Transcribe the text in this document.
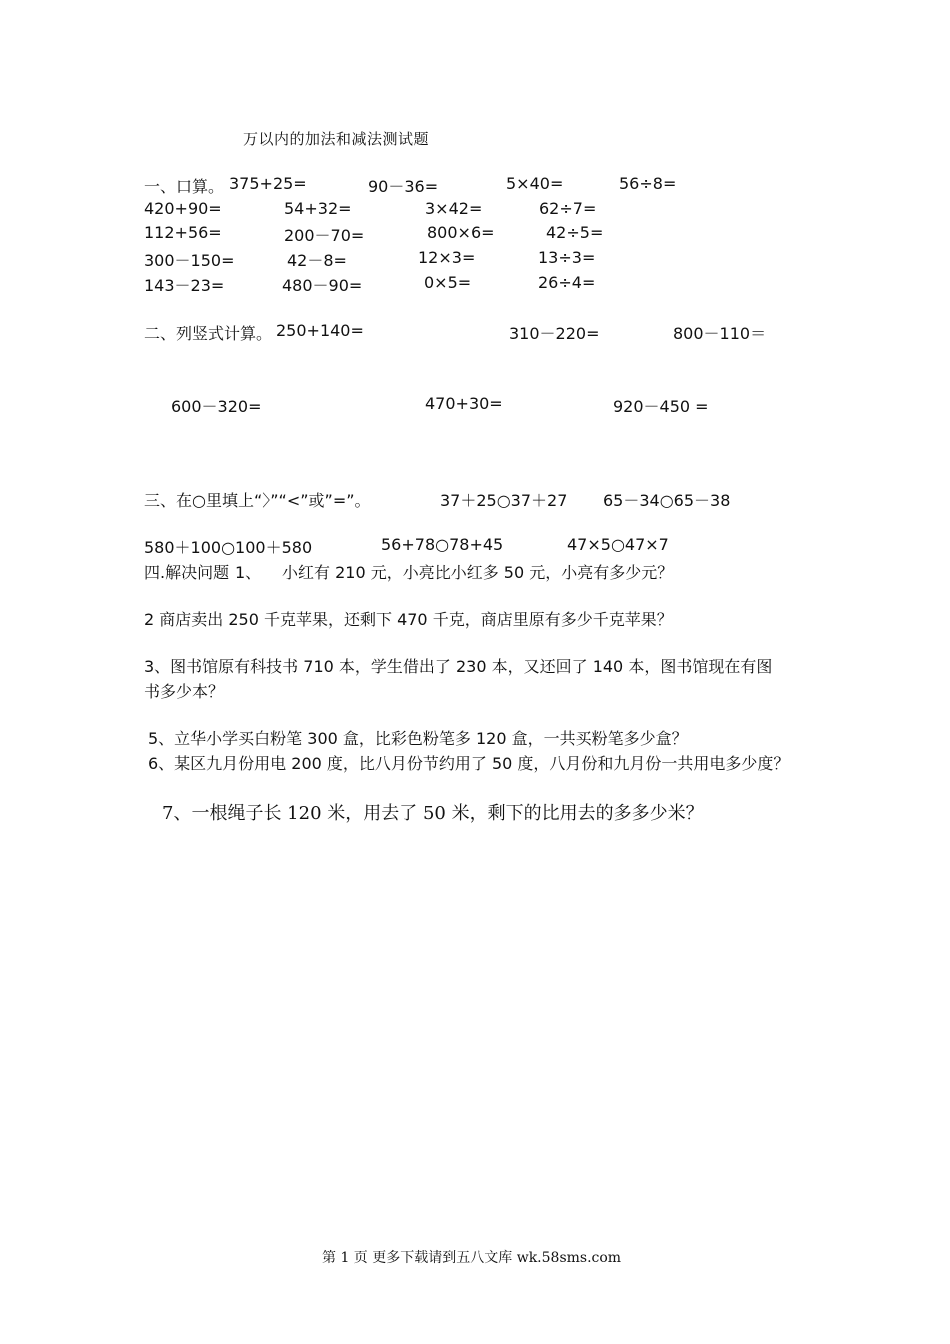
万以内的加法和减法测试题
一、口算。 375+25=	90－36=	5×40=	56÷8=
420+90=	54+32=	3×42=	62÷7=
112+56=	200－70=	800×6=	42÷5=
300－150=	42－8=	12×3=	13÷3=
143－23=	480－90=	0×5=	26÷4=
二、列竖式计算。 250+140=	310－220=	800－110＝
600－320=	470+30=	920－450 =
三、在○里填上“〉”“<”或”=”。	37＋25○37＋27 65－34○65－38
580＋100○100＋580	56+78○78+45	47×5○47×7
四.解决问题 1、 小红有 210 元，小亮比小红多 50 元，小亮有多少元？
2 商店卖出 250 千克苹果，还剩下 470 千克，商店里原有多少千克苹果？
3、图书馆原有科技书 710 本，学生借出了 230 本，又还回了 140 本，图书馆现在有图
书多少本？
5、立华小学买白粉笔 300 盒，比彩色粉笔多 120 盒，一共买粉笔多少盒？
6、某区九月份用电 200 度，比八月份节约用了 50 度，八月份和九月份一共用电多少度？
7、一根绳子长 120 米，用去了 50 米，剩下的比用去的多多少米？
第 1 页 更多下载请到五八文库 wk.58sms.com
